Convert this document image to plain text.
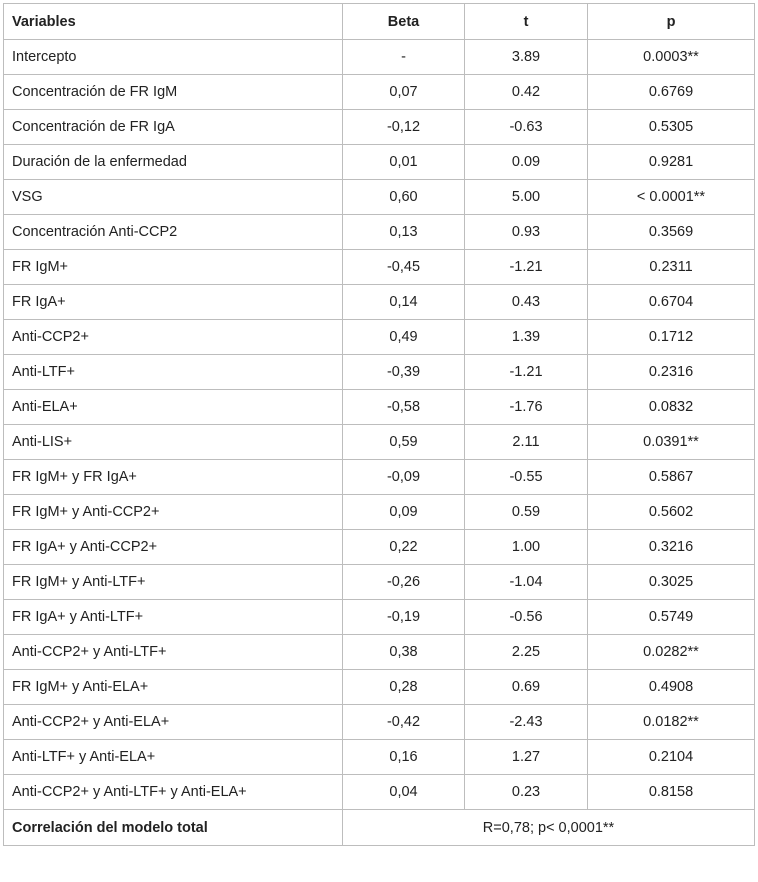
Variables	Beta	t	p
Intercepto	-	3.89	0.0003**
Concentración de FR IgM	0,07	0.42	0.6769
Concentración de FR IgA	-0,12	-0.63	0.5305
Duración de la enfermedad	0,01	0.09	0.9281
VSG	0,60	5.00	< 0.0001**
Concentración Anti-CCP2	0,13	0.93	0.3569
FR IgM+	-0,45	-1.21	0.2311
FR IgA+	0,14	0.43	0.6704
Anti-CCP2+	0,49	1.39	0.1712
Anti-LTF+	-0,39	-1.21	0.2316
Anti-ELA+	-0,58	-1.76	0.0832
Anti-LIS+	0,59	2.11	0.0391**
FR IgM+ y FR IgA+	-0,09	-0.55	0.5867
FR IgM+ y Anti-CCP2+	0,09	0.59	0.5602
FR IgA+ y Anti-CCP2+	0,22	1.00	0.3216
FR IgM+ y Anti-LTF+	-0,26	-1.04	0.3025
FR IgA+ y Anti-LTF+	-0,19	-0.56	0.5749
Anti-CCP2+ y Anti-LTF+	0,38	2.25	0.0282**
FR IgM+ y Anti-ELA+	0,28	0.69	0.4908
Anti-CCP2+ y Anti-ELA+	-0,42	-2.43	0.0182**
Anti-LTF+ y Anti-ELA+	0,16	1.27	0.2104
Anti-CCP2+ y Anti-LTF+ y Anti-ELA+	0,04	0.23	0.8158
Correlación del modelo total	R=0,78; p< 0,0001**		
